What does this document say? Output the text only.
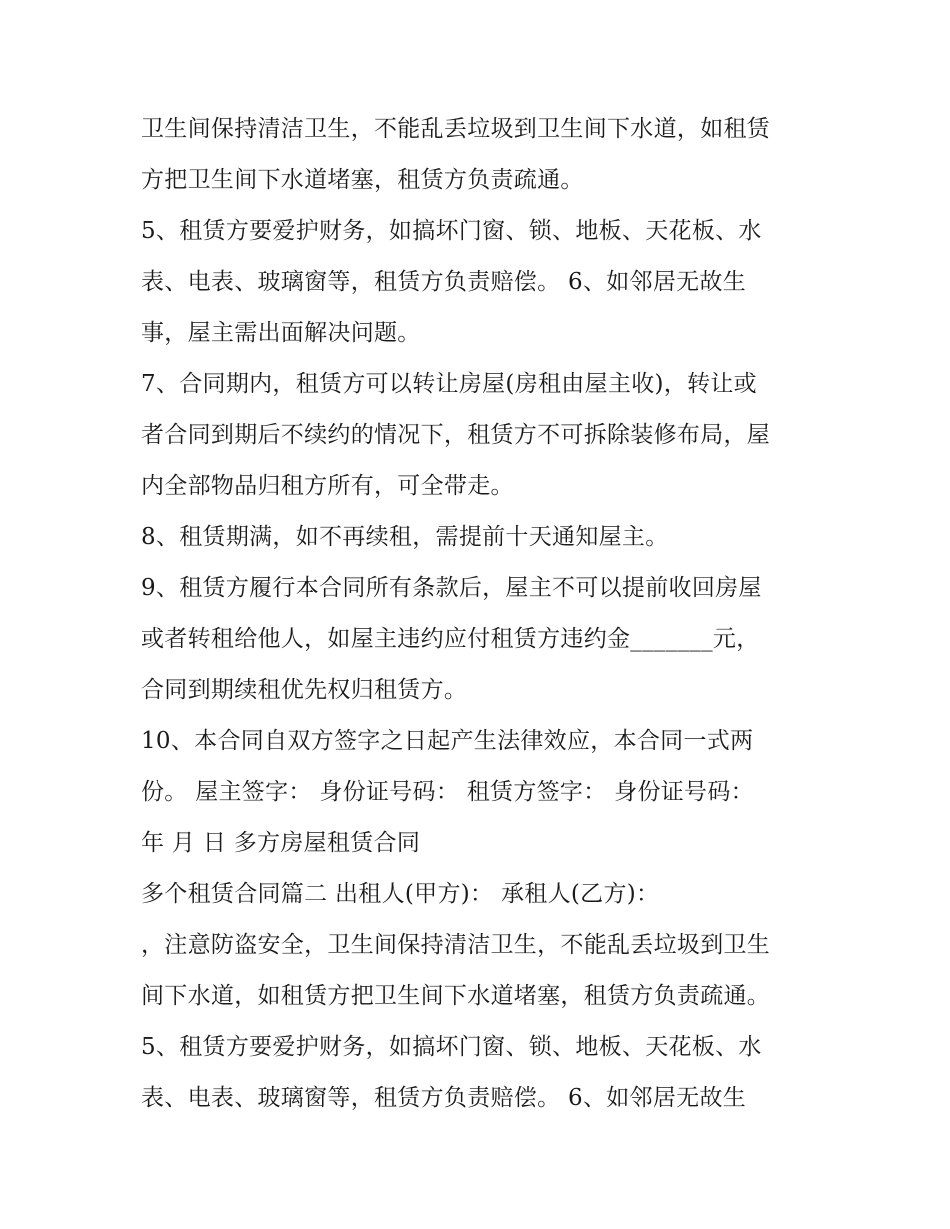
卫生间保持清洁卫生，不能乱丢垃圾到卫生间下水道，如租赁
方把卫生间下水道堵塞，租赁方负责疏通。
5、租赁方要爱护财务，如搞坏门窗、锁、地板、天花板、水
表、电表、玻璃窗等，租赁方负责赔偿。 6、如邻居无故生
事，屋主需出面解决问题。
7、合同期内，租赁方可以转让房屋(房租由屋主收)，转让或
者合同到期后不续约的情况下，租赁方不可拆除装修布局，屋
内全部物品归租方所有，可全带走。
8、租赁期满，如不再续租，需提前十天通知屋主。
9、租赁方履行本合同所有条款后，屋主不可以提前收回房屋
或者转租给他人，如屋主违约应付租赁方违约金_______元，
合同到期续租优先权归租赁方。
10、本合同自双方签字之日起产生法律效应，本合同一式两
份。 屋主签字： 身份证号码： 租赁方签字： 身份证号码：
年 月 日 多方房屋租赁合同
多个租赁合同篇二 出租人(甲方)： 承租人(乙方)：
，注意防盗安全，卫生间保持清洁卫生，不能乱丢垃圾到卫生
间下水道，如租赁方把卫生间下水道堵塞，租赁方负责疏通。
5、租赁方要爱护财务，如搞坏门窗、锁、地板、天花板、水
表、电表、玻璃窗等，租赁方负责赔偿。 6、如邻居无故生
